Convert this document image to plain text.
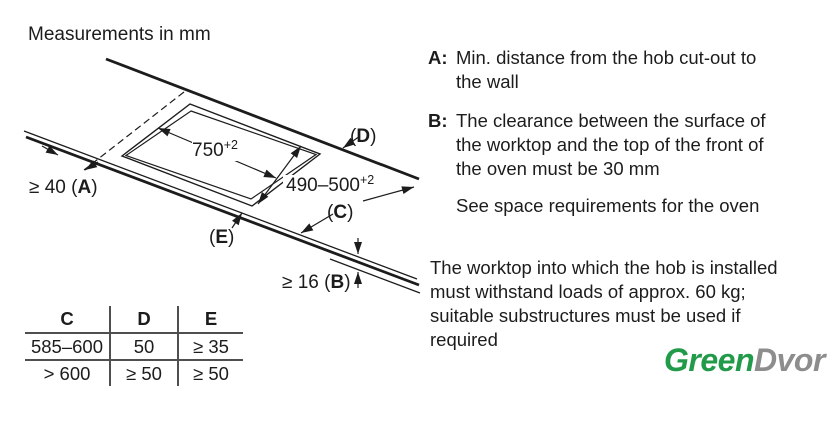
Measurements in mm
$750^{+2}$
$490-500^{+2}$
(D)
(C)
(E)
≥ 40 (A)
≥ 16 (B)
A: Min. distance from the hob cut-out to
the wall
B: The clearance between the surface of
the worktop and the top of the front of
the oven must be 30 mm
See space requirements for the oven
The worktop into which the hob is installed
must withstand loads of approx. 60 kg;
suitable substructures must be used if
required
C	D	E
585–600	50	≥ 35
> 600	≥ 50	≥ 50	GreenDvor
